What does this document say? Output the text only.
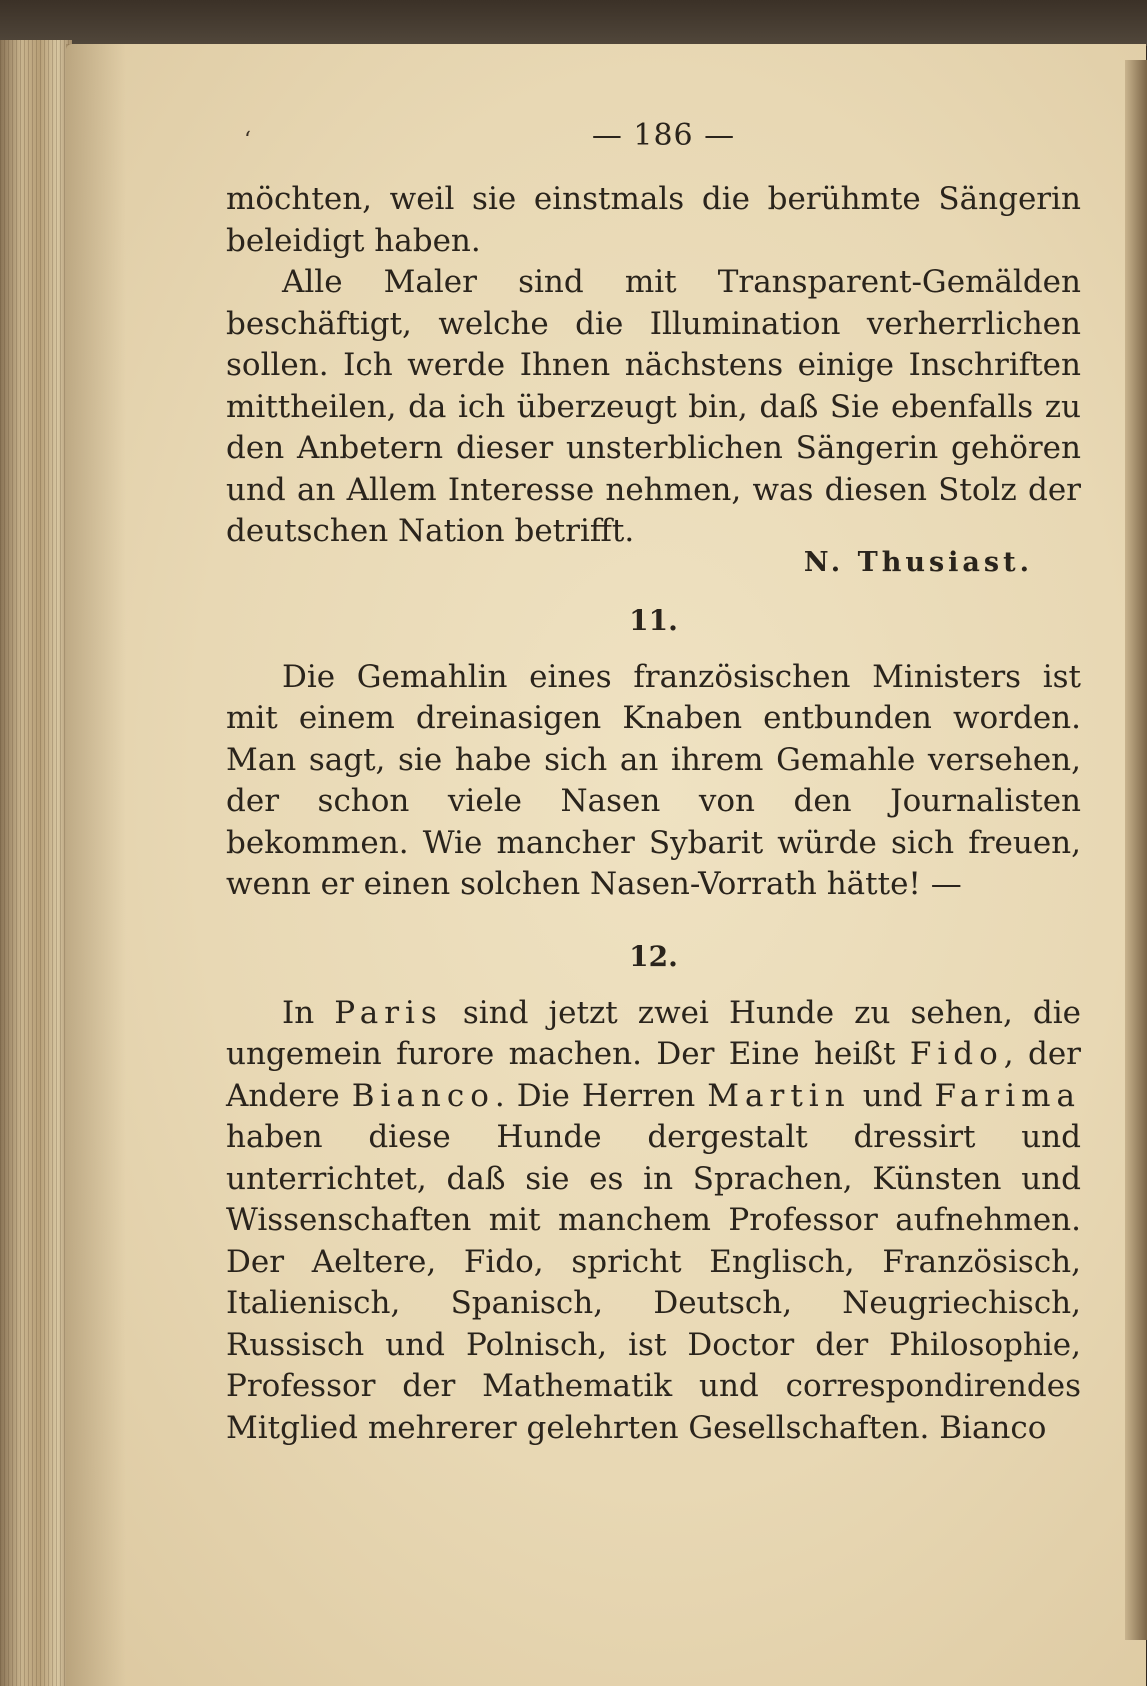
‘	— 186 —

möchten, weil sie einstmals die berühmte Sängerin beleidigt haben.

Alle Maler sind mit Transparent-Gemälden beschäftigt, welche die Illumination verherrlichen sollen. Ich werde Ihnen nächstens einige Inschriften mittheilen, da ich überzeugt bin, daß Sie ebenfalls zu den Anbetern dieser unsterblichen Sängerin gehören und an Allem Interesse nehmen, was diesen Stolz der deutschen Nation betrifft.

N. Thusiast.
11.

Die Gemahlin eines französischen Ministers ist mit einem dreinasigen Knaben entbunden worden. Man sagt, sie habe sich an ihrem Gemahle versehen, der schon viele Nasen von den Journalisten bekommen. Wie mancher Sybarit würde sich freuen, wenn er einen solchen Nasen-Vorrath hätte! —

12.

In Paris sind jetzt zwei Hunde zu sehen, die ungemein furore machen. Der Eine heißt Fido, der Andere Bianco. Die Herren Martin und Farima haben diese Hunde dergestalt dressirt und unterrichtet, daß sie es in Sprachen, Künsten und Wissenschaften mit manchem Professor aufnehmen. Der Aeltere, Fido, spricht Englisch, Französisch, Italienisch, Spanisch, Deutsch, Neugriechisch, Russisch und Polnisch, ist Doctor der Philosophie, Professor der Mathematik und correspondirendes Mitglied mehrerer gelehrten Gesellschaften. Bianco
